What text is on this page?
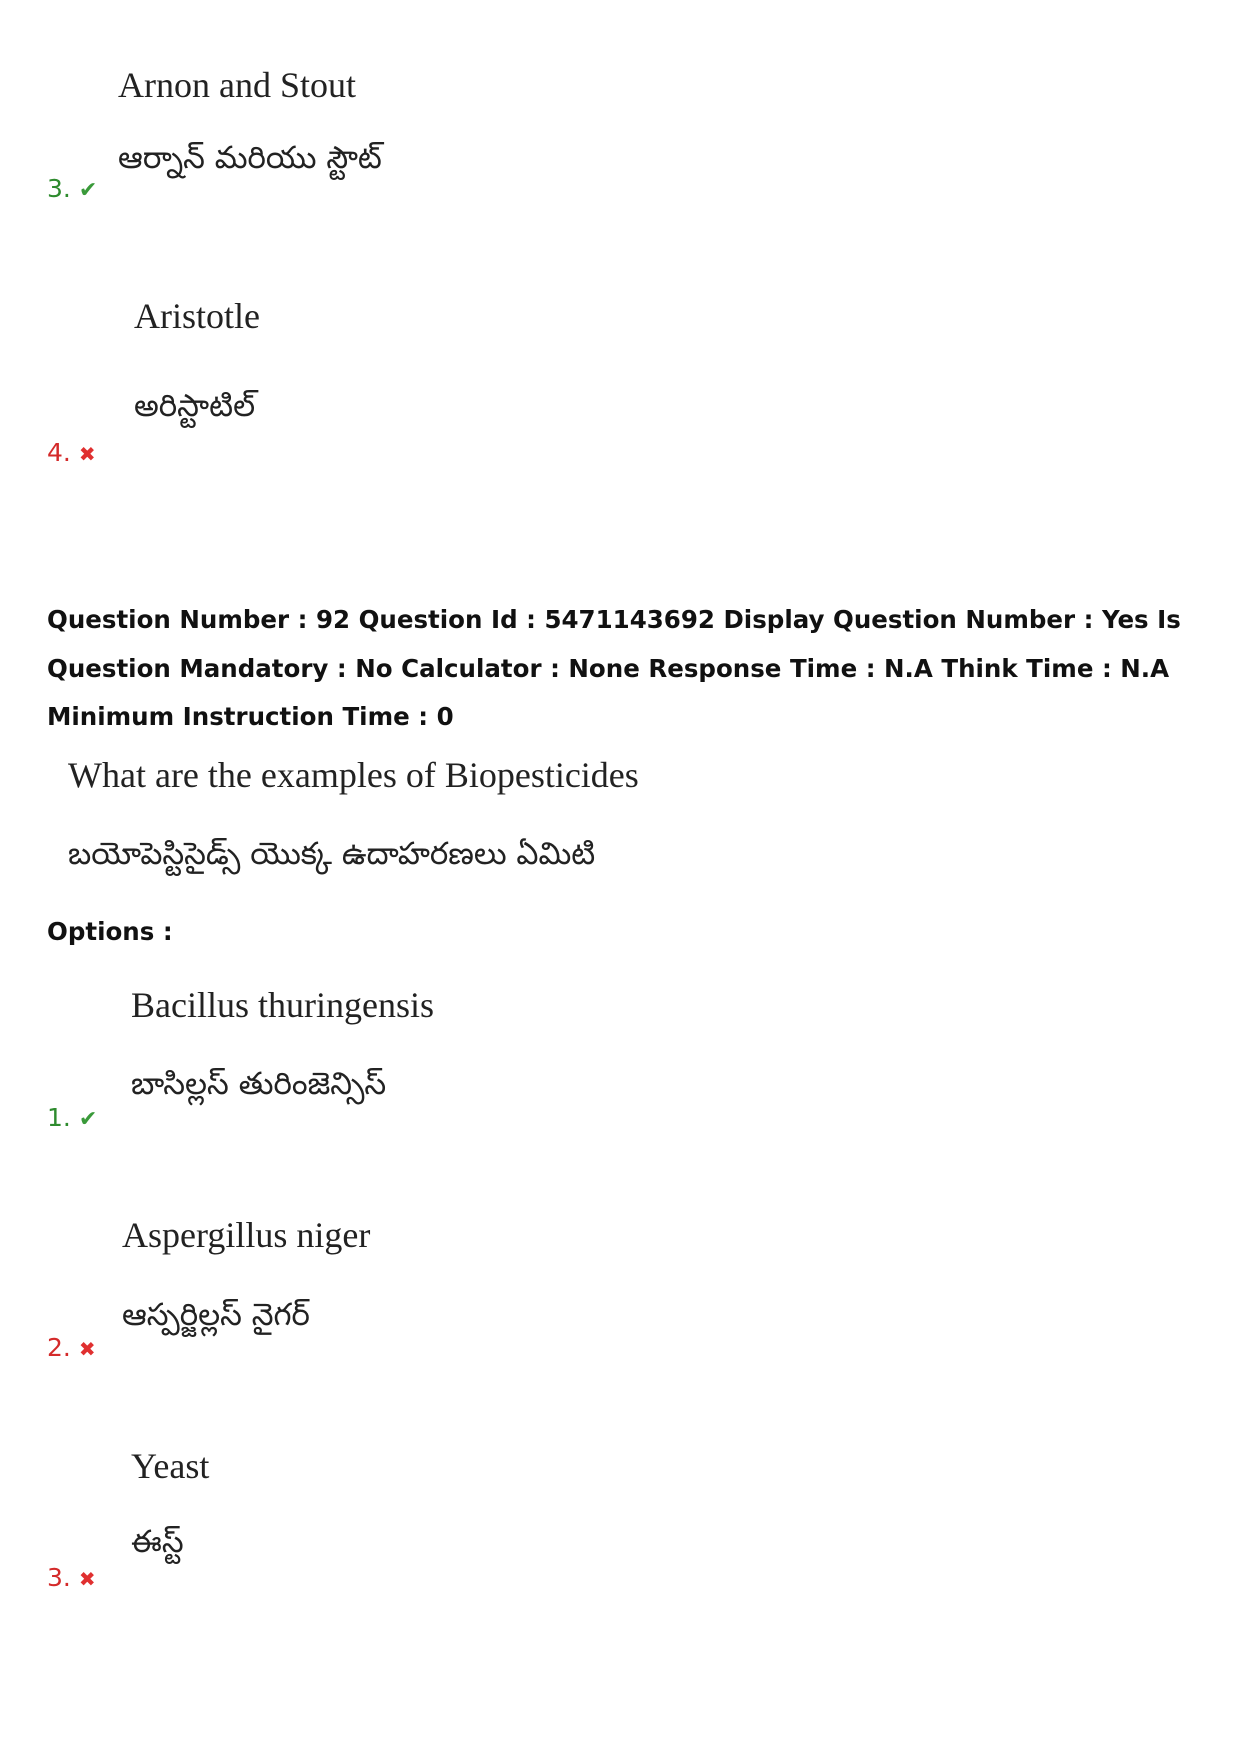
Arnon and Stout
ఆర్నాన్ మరియు స్టౌట్
3. ✔
Aristotle
అరిస్టాటిల్
4. ✖
Question Number : 92 Question Id : 5471143692 Display Question Number : Yes Is Question Mandatory : No Calculator : None Response Time : N.A Think Time : N.A Minimum Instruction Time : 0
What are the examples of Biopesticides
బయోపెస్టిసైడ్స్ యొక్క ఉదాహరణలు ఏమిటి
Options :
Bacillus thuringensis
బాసిల్లస్ తురింజెన్సిస్
1. ✔
Aspergillus niger
ఆస్పర్జిల్లస్ నైగర్
2. ✖
Yeast
ఈస్ట్
3. ✖
